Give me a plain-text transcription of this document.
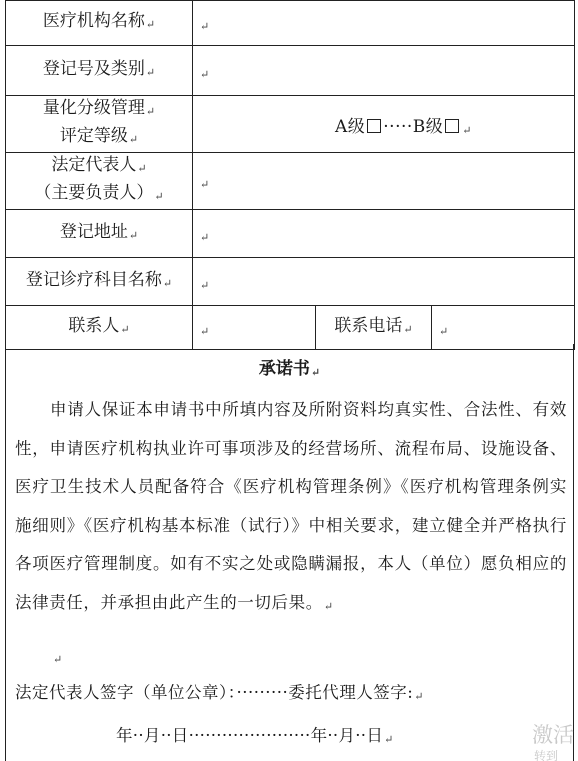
医疗机构名称↵	↵		
登记号及类别↵	↵		

量化分级管理↵
评定等级↵	A级 ·····B级 ↵		

法定代表人↵
（主要负责人）↵	↵		
登记地址↵	↵		
登记诊疗科目名称↵	↵		
联系人↵	↵	联系电话↵	↵
承诺书↵
申请人保证本申请书中所填内容及所附资料均真实性、合法性、有效性，申请医疗机构执业许可事项涉及的经营场所、流程布局、设施设备、医疗卫生技术人员配备符合《医疗机构管理条例》《医疗机构管理条例实施细则》《医疗机构基本标准（试行）》中相关要求，建立健全并严格执行各项医疗管理制度。如有不实之处或隐瞒漏报，本人（单位）愿负相应的法律责任，并承担由此产生的一切后果。↵
↵
法定代表人签字（单位公章）：·········委托代理人签字:↵
年··月··日······················年··月··日↵	激活
转到
